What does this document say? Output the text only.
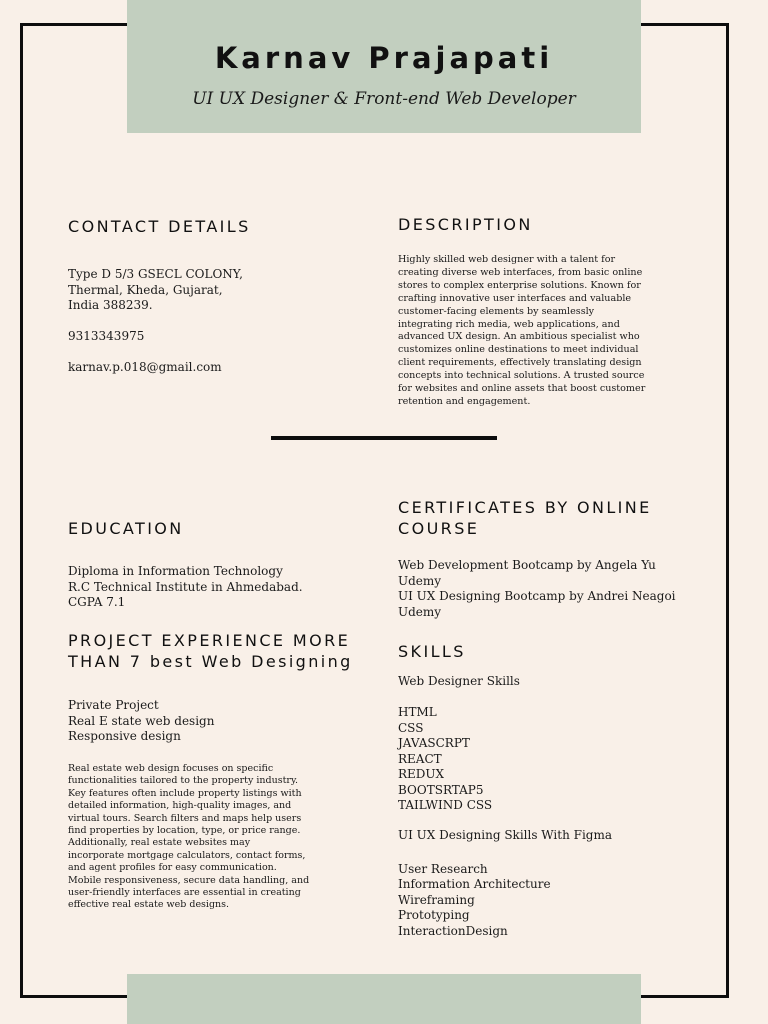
Karnav Prajapati
UI UX Designer & Front-end Web Developer
CONTACT DETAILS
Type D 5/3 GSECL COLONY,
Thermal, Kheda, Gujarat,
India 388239.
9313343975
karnav.p.018@gmail.com
DESCRIPTION
Highly skilled web designer with a talent for
creating diverse web interfaces, from basic online
stores to complex enterprise solutions. Known for
crafting innovative user interfaces and valuable
customer-facing elements by seamlessly
integrating rich media, web applications, and
advanced UX design. An ambitious specialist who
customizes online destinations to meet individual
client requirements, effectively translating design
concepts into technical solutions. A trusted source
for websites and online assets that boost customer
retention and engagement.
EDUCATION
Diploma in Information Technology
R.C Technical Institute in Ahmedabad.
CGPA 7.1
CERTIFICATES BY ONLINE
COURSE
Web Development Bootcamp by Angela Yu
Udemy
UI UX Designing Bootcamp by Andrei Neagoi
Udemy
PROJECT EXPERIENCE MORE
THAN 7 best Web Designing
Private Project
Real E state web design
Responsive design
Real estate web design focuses on specific
functionalities tailored to the property industry.
Key features often include property listings with
detailed information, high-quality images, and
virtual tours. Search filters and maps help users
find properties by location, type, or price range.
Additionally, real estate websites may
incorporate mortgage calculators, contact forms,
and agent profiles for easy communication.
Mobile responsiveness, secure data handling, and
user-friendly interfaces are essential in creating
effective real estate web designs.
SKILLS
Web Designer Skills
HTML
CSS
JAVASCRPT
REACT
REDUX
BOOTSRTAP5
TAILWIND CSS
UI UX Designing Skills With Figma
User Research
Information Architecture
Wireframing
Prototyping
InteractionDesign
